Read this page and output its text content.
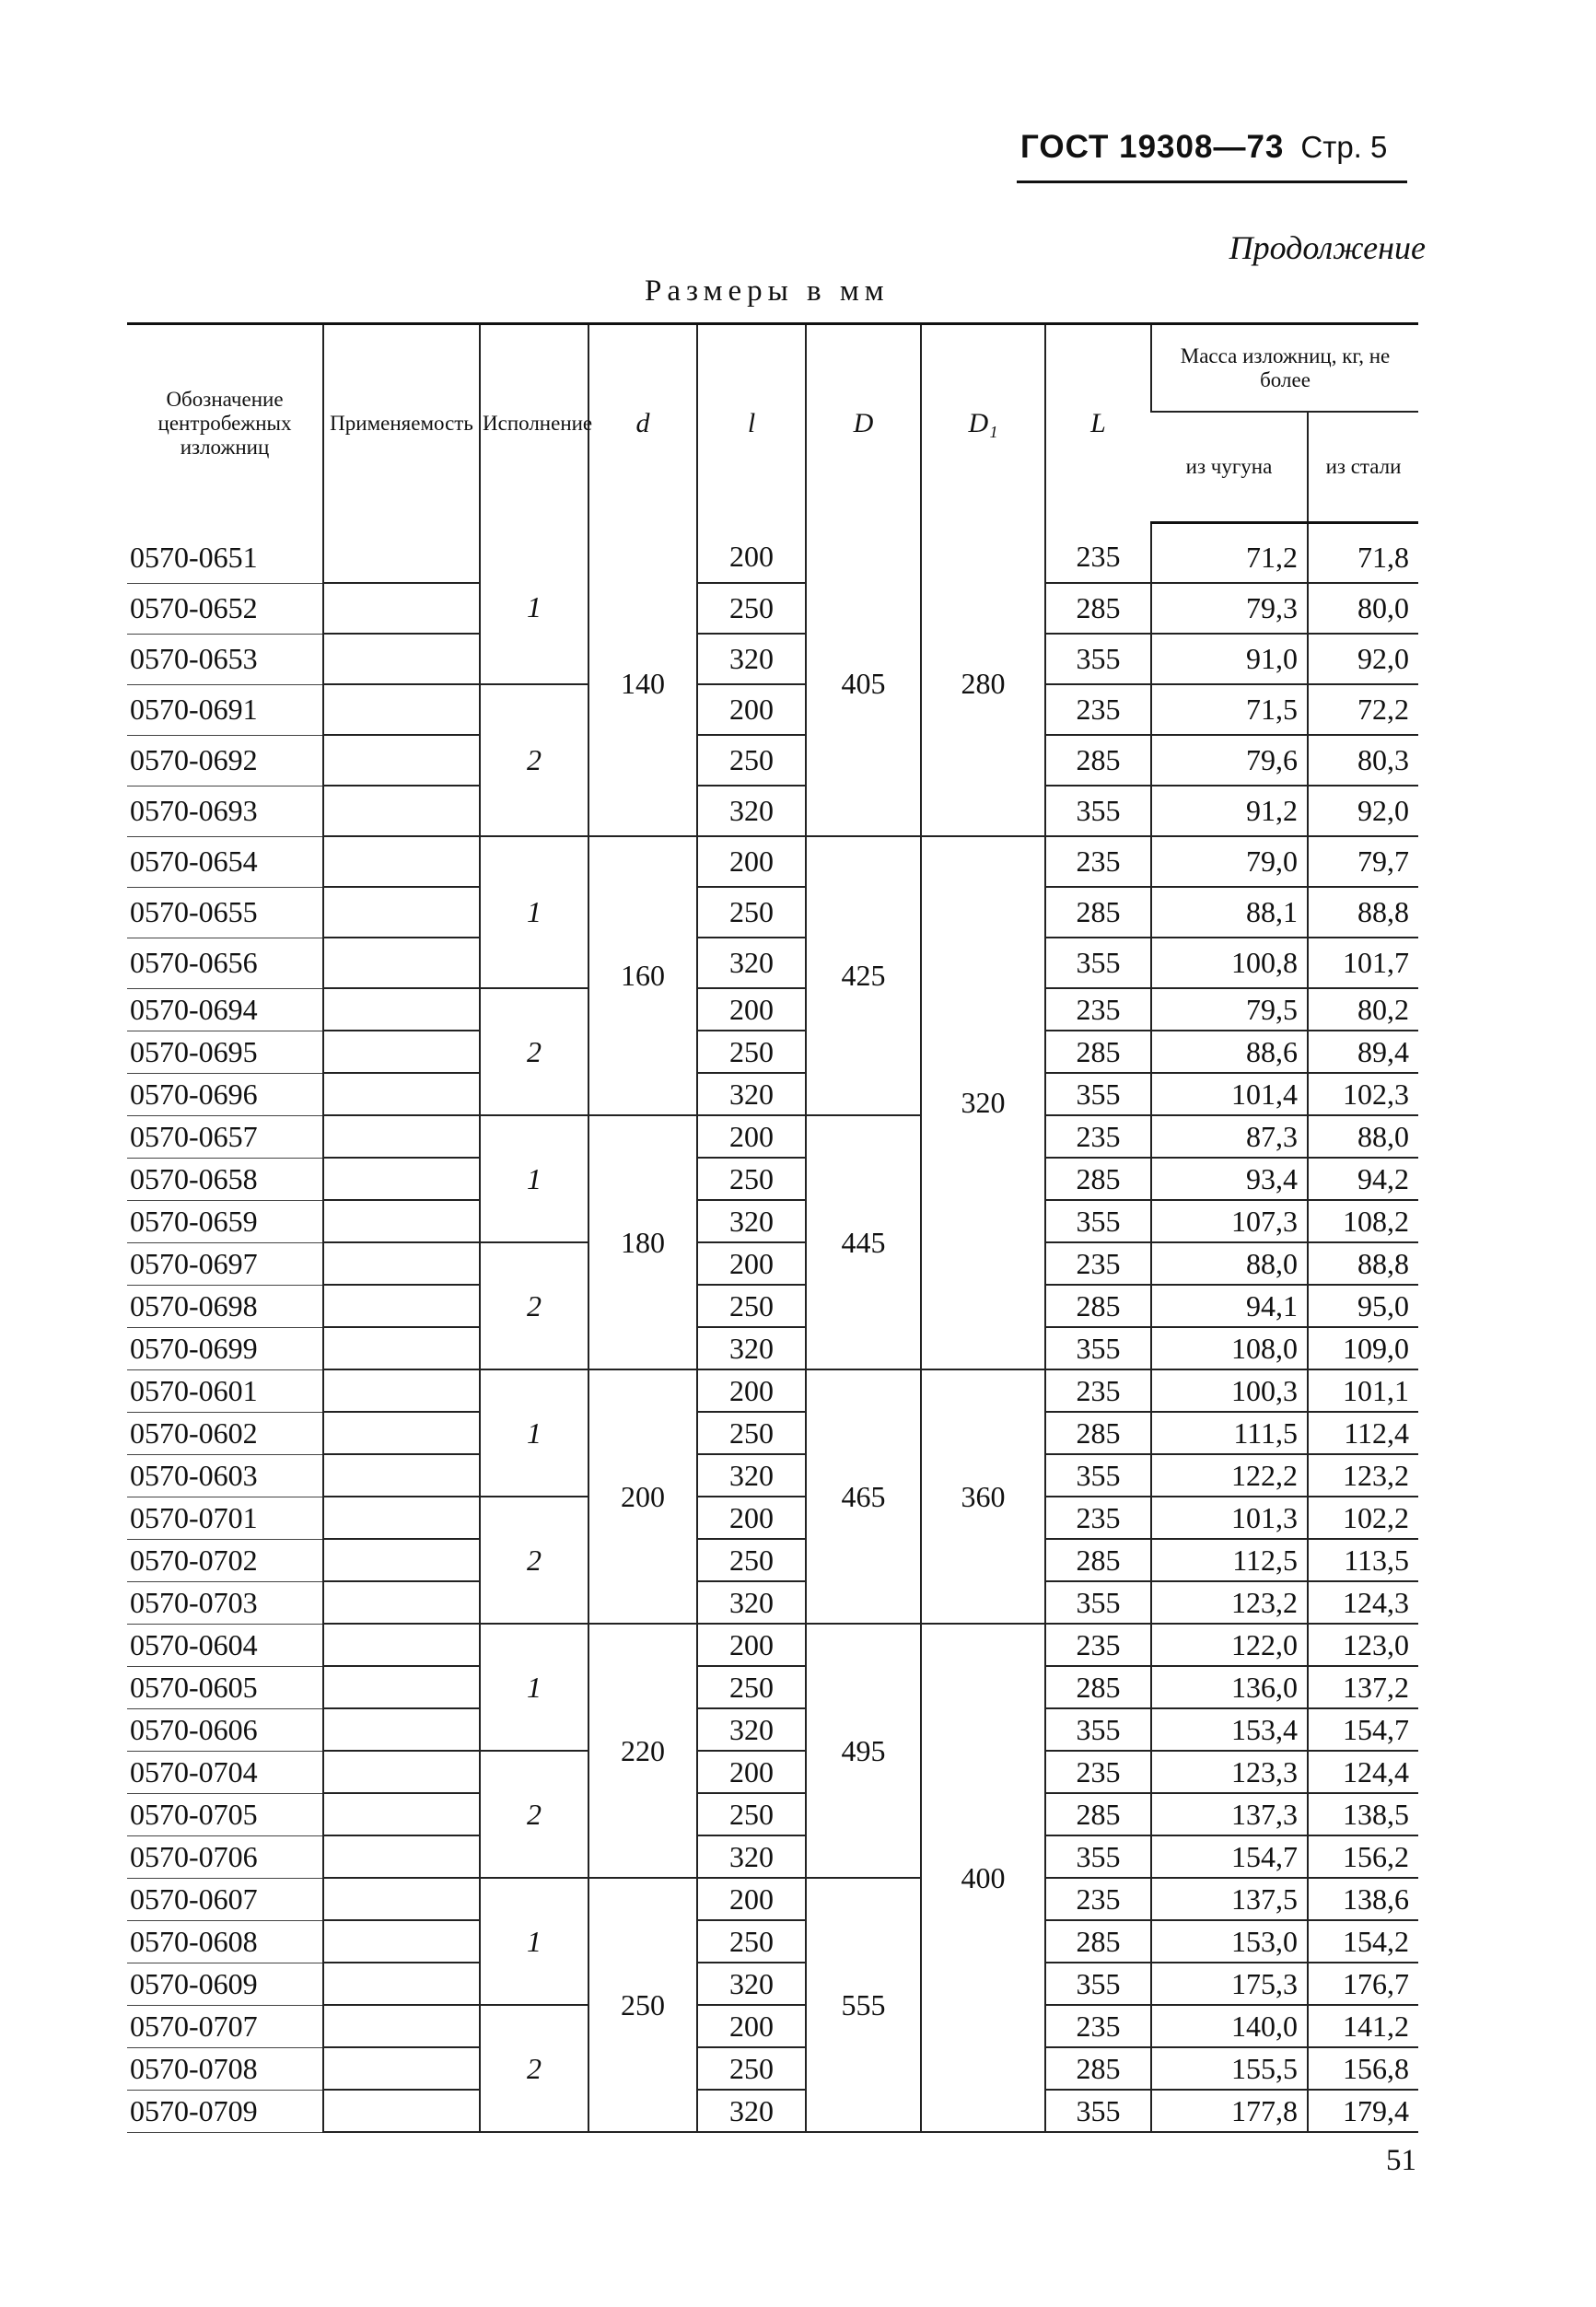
ГОСТ 19308—73 Стр. 5
Продолжение
Размеры в мм
Обозначение центробежных изложниц	Применяемость	Исполнение	d	l	D	D₁	L	Масса изложниц, кг, не более	
								из чугуна	из стали
0570-0651		1	140	200	405	280	235	71,2	71,8
0570-0652				250			285	79,3	80,0
0570-0653				320			355	91,0	92,0
0570-0691		2		200			235	71,5	72,2
0570-0692				250			285	79,6	80,3
0570-0693				320			355	91,2	92,0
0570-0654		1	160	200	425	320	235	79,0	79,7
0570-0655				250			285	88,1	88,8
0570-0656				320			355	100,8	101,7
0570-0694		2		200			235	79,5	80,2
0570-0695				250			285	88,6	89,4
0570-0696				320			355	101,4	102,3
0570-0657		1	180	200	445		235	87,3	88,0
0570-0658				250			285	93,4	94,2
0570-0659				320			355	107,3	108,2
0570-0697		2		200			235	88,0	88,8
0570-0698				250			285	94,1	95,0
0570-0699				320			355	108,0	109,0
0570-0601		1	200	200	465	360	235	100,3	101,1
0570-0602				250			285	111,5	112,4
0570-0603				320			355	122,2	123,2
0570-0701		2		200			235	101,3	102,2
0570-0702				250			285	112,5	113,5
0570-0703				320			355	123,2	124,3
0570-0604		1	220	200	495	400	235	122,0	123,0
0570-0605				250			285	136,0	137,2
0570-0606				320			355	153,4	154,7
0570-0704		2		200			235	123,3	124,4
0570-0705				250			285	137,3	138,5
0570-0706				320			355	154,7	156,2
0570-0607		1	250	200	555		235	137,5	138,6
0570-0608				250			285	153,0	154,2
0570-0609				320			355	175,3	176,7
0570-0707		2		200			235	140,0	141,2
0570-0708				250			285	155,5	156,8
0570-0709				320			355	177,8	179,4
51
